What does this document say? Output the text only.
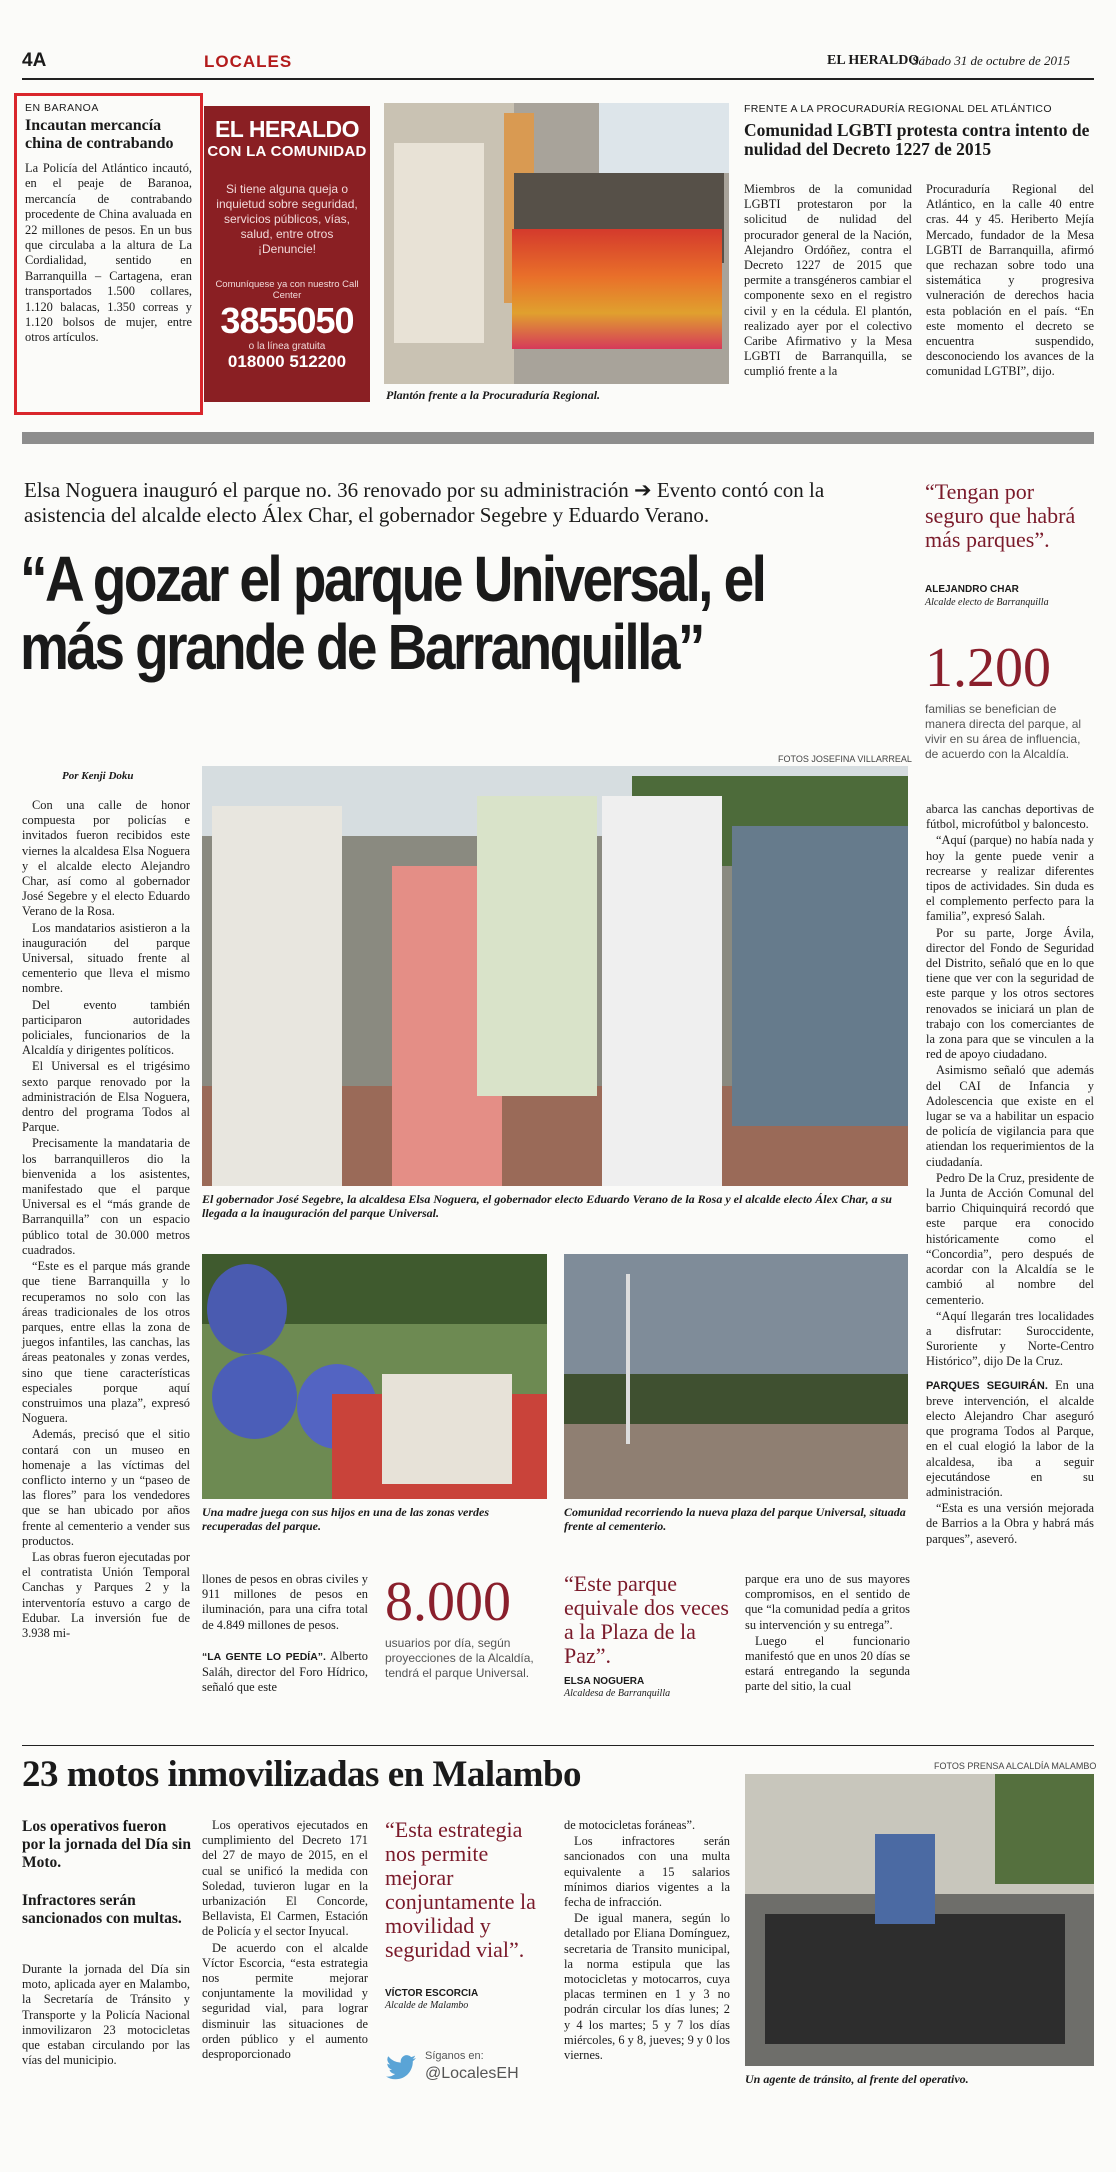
4A	LOCALES	EL HERALDO
Sábado 31 de octubre de 2015
EN BARANOA
Incautan mercancía china de contrabando
La Policía del Atlántico incautó, en el peaje de Baranoa, mercancía de contrabando procedente de China avaluada en 22 millones de pesos. En un bus que circulaba a la altura de La Cordialidad, sentido en Barranquilla – Cartagena, eran transportados 1.500 collares, 1.120 balacas, 1.350 correas y 1.120 bolsos de mujer, entre otros artículos.
EL HERALDO
CON LA COMUNIDAD
Si tiene alguna queja o inquietud sobre seguridad, servicios públicos, vías, salud, entre otros ¡Denuncie!
Comuníquese ya con nuestro Call Center
3855050
o la línea gratuita
018000 512200
Plantón frente a la Procuraduría Regional.
FRENTE A LA PROCURADURÍA REGIONAL DEL ATLÁNTICO
Comunidad LGBTI protesta contra intento de nulidad del Decreto 1227 de 2015
Miembros de la comunidad LGBTI protestaron por la solicitud de nulidad del procurador general de la Nación, Alejandro Ordóñez, contra el Decreto 1227 de 2015 que permite a transgéneros cambiar el componente sexo en el registro civil y en la cédula. El plantón, realizado ayer por el colectivo Caribe Afirmativo y la Mesa LGBTI de Barranquilla, se cumplió frente a la
Procuraduría Regional del Atlántico, en la calle 40 entre cras. 44 y 45. Heriberto Mejía Mercado, fundador de la Mesa LGBTI de Barranquilla, afirmó que rechazan sobre todo una sistemática y progresiva vulneración de derechos hacia esta población en el país. “En este momento el decreto se encuentra suspendido, desconociendo los avances de la comunidad LGTBI”, dijo.
Elsa Noguera inauguró el parque no. 36 renovado por su administración ➔ Evento contó con la asistencia del alcalde electo Álex Char, el gobernador Segebre y Eduardo Verano.
“A gozar el parque Universal, el más grande de Barranquilla”
“Tengan por seguro que habrá más parques”.
ALEJANDRO CHAR
Alcalde electo de Barranquilla
1.200
familias se benefician de manera directa del parque, al vivir en su área de influencia, de acuerdo con la Alcaldía.
FOTOS JOSEFINA VILLARREAL
Por Kenji Doku

Con una calle de honor compuesta por policías e invitados fueron recibidos este viernes la alcaldesa Elsa Noguera y el alcalde electo Alejandro Char, así como al gobernador José Segebre y el electo Eduardo Verano de la Rosa.

Los mandatarios asistieron a la inauguración del parque Universal, situado frente al cementerio que lleva el mismo nombre.

Del evento también participaron autoridades policiales, funcionarios de la Alcaldía y dirigentes políticos.

El Universal es el trigésimo sexto parque renovado por la administración de Elsa Noguera, dentro del programa Todos al Parque.

Precisamente la mandataria de los barranquilleros dio la bienvenida a los asistentes, manifestado que el parque Universal es el “más grande de Barranquilla” con un espacio público total de 30.000 metros cuadrados.

“Este es el parque más grande que tiene Barranquilla y lo recuperamos no solo con las áreas tradicionales de los otros parques, entre ellas la zona de juegos infantiles, las canchas, las áreas peatonales y zonas verdes, sino que tiene características especiales porque aquí construimos una plaza”, expresó Noguera.

Además, precisó que el sitio contará con un museo en homenaje a las víctimas del conflicto interno y un “paseo de las flores” para los vendedores que se han ubicado por años frente al cementerio a vender sus productos.

Las obras fueron ejecutadas por el contratista Unión Temporal Canchas y Parques 2 y la interventoría estuvo a cargo de Edubar. La inversión fue de 3.938 mi-

El gobernador José Segebre, la alcaldesa Elsa Noguera, el gobernador electo Eduardo Verano de la Rosa y el alcalde electo Álex Char, a su llegada a la inauguración del parque Universal.

abarca las canchas deportivas de fútbol, microfútbol y baloncesto.

“Aquí (parque) no había nada y hoy la gente puede venir a recrearse y realizar diferentes tipos de actividades. Sin duda es el complemento perfecto para la familia”, expresó Salah.

Por su parte, Jorge Ávila, director del Fondo de Seguridad del Distrito, señaló que en lo que tiene que ver con la seguridad de este parque y los otros sectores renovados se iniciará un plan de trabajo con los comerciantes de la zona para que se vinculen a la red de apoyo ciudadano.

Asimismo señaló que además del CAI de Infancia y Adolescencia que existe en el lugar se va a habilitar un espacio de policía de vigilancia para que atiendan los requerimientos de la ciudadanía.

Pedro De la Cruz, presidente de la Junta de Acción Comunal del barrio Chiquinquirá recordó que este parque era conocido históricamente como el “Concordia”, pero después de acordar con la Alcaldía se le cambió al nombre del cementerio.

“Aquí llegarán tres localidades a disfrutar: Suroccidente, Suroriente y Norte-Centro Histórico”, dijo De la Cruz.

PARQUES SEGUIRÁN. En una breve intervención, el alcalde electo Alejandro Char aseguró que programa Todos al Parque, en el cual elogió la labor de la alcaldesa, iba a seguir ejecutándose en su administración.

“Esta es una versión mejorada de Barrios a la Obra y habrá más parques”, aseveró.

Una madre juega con sus hijos en una de las zonas verdes recuperadas del parque.
Comunidad recorriendo la nueva plaza del parque Universal, situada frente al cementerio.

llones de pesos en obras civiles y 911 millones de pesos en iluminación, para una cifra total de 4.849 millones de pesos.

“LA GENTE LO PEDÍA”. Alberto Saláh, director del Foro Hídrico, señaló que este

8.000
usuarios por día, según proyecciones de la Alcaldía, tendrá el parque Universal.
“Este parque equivale dos veces a la Plaza de la Paz”.
ELSA NOGUERA
Alcaldesa de Barranquilla

parque era uno de sus mayores compromisos, en el sentido de que “la comunidad pedía a gritos su intervención y su entrega”.

Luego el funcionario manifestó que en unos 20 días se estará entregando la segunda parte del sitio, la cual

23 motos inmovilizadas en Malambo	FOTOS PRENSA ALCALDÍA MALAMBO
Los operativos fueron por la jornada del Día sin Moto.
Infractores serán sancionados con multas.
Durante la jornada del Día sin moto, aplicada ayer en Malambo, la Secretaría de Tránsito y Transporte y la Policía Nacional inmovilizaron 23 motocicletas que estaban circulando por las vías del municipio.

Los operativos ejecutados en cumplimiento del Decreto 171 del 27 de mayo de 2015, en el cual se unificó la medida con Soledad, tuvieron lugar en la urbanización El Concorde, Bellavista, El Carmen, Estación de Policía y el sector Inyucal.

De acuerdo con el alcalde Víctor Escorcia, “esta estrategia nos permite mejorar conjuntamente la movilidad y seguridad vial, para lograr disminuir las situaciones de orden público y el aumento desproporcionado

“Esta estrategia nos permite mejorar conjuntamente la movilidad y seguridad vial”.
VÍCTOR ESCORCIA
Alcalde de Malambo
Síganos en:
@LocalesEH

de motocicletas foráneas”.

Los infractores serán sancionados con una multa equivalente a 15 salarios mínimos diarios vigentes a la fecha de infracción.

De igual manera, según lo detallado por Eliana Domínguez, secretaria de Transito municipal, la norma estipula que las motocicletas y motocarros, cuya placas terminen en 1 y 3 no podrán circular los días lunes; 2 y 4 los martes; 5 y 7 los días miércoles, 6 y 8, jueves; 9 y 0 los viernes.

Un agente de tránsito, al frente del operativo.
